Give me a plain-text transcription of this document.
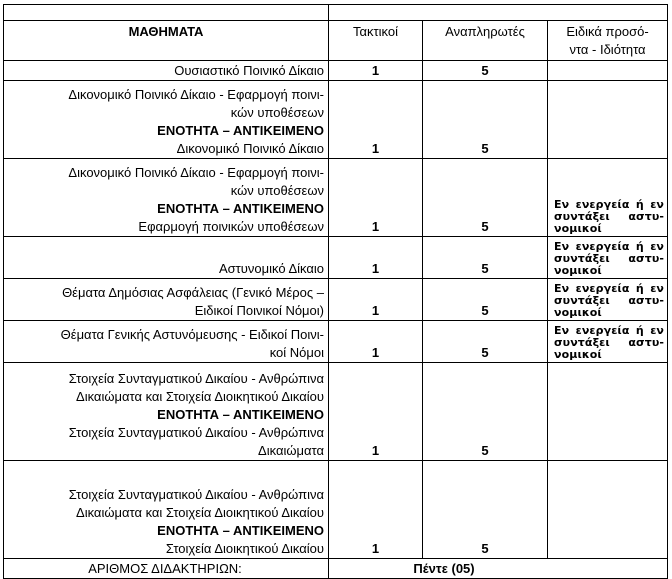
ΜΑΘΗΜΑΤΑ	Τακτικοί	Αναπληρωτές	Ειδικά προσό-
ντα - Ιδιότητα

Ουσιαστικό Ποινικό Δίκαιο	1	5	

Δικονομικό Ποινικό Δίκαιο - Εφαρμογή ποινι-
κών υποθέσεων
ΕΝΟΤΗΤΑ – ΑΝΤΙΚΕΙΜΕΝΟ
Δικονομικό Ποινικό Δίκαιο	1	5	

Δικονομικό Ποινικό Δίκαιο - Εφαρμογή ποινι-
κών υποθέσεων
ΕΝΟΤΗΤΑ – ΑΝΤΙΚΕΙΜΕΝΟ
Εφαρμογή ποινικών υποθέσεων	1	5	Εν ενεργεία ή εν
συντάξει αστυ-
νομικοί

Αστυνομικό Δίκαιο	1	5	Εν ενεργεία ή εν
συντάξει αστυ-
νομικοί

Θέματα Δημόσιας Ασφάλειας (Γενικό Μέρος –
Ειδικοί Ποινικοί Νόμοι)	1	5	Εν ενεργεία ή εν
συντάξει αστυ-
νομικοί

Θέματα Γενικής Αστυνόμευσης - Ειδικοί Ποινι-
κοί Νόμοι	1	5	Εν ενεργεία ή εν
συντάξει αστυ-
νομικοί

Στοιχεία Συνταγματικού Δικαίου - Ανθρώπινα
Δικαιώματα και Στοιχεία Διοικητικού Δικαίου
ΕΝΟΤΗΤΑ – ΑΝΤΙΚΕΙΜΕΝΟ
Στοιχεία Συνταγματικού Δικαίου - Ανθρώπινα
Δικαιώματα	1	5	

Στοιχεία Συνταγματικού Δικαίου - Ανθρώπινα
Δικαιώματα και Στοιχεία Διοικητικού Δικαίου
ΕΝΟΤΗΤΑ – ΑΝΤΙΚΕΙΜΕΝΟ
Στοιχεία Διοικητικού Δικαίου	1	5	
ΑΡΙΘΜΟΣ ΔΙΔΑΚΤΗΡΙΩΝ:	Πέντε (05)		
